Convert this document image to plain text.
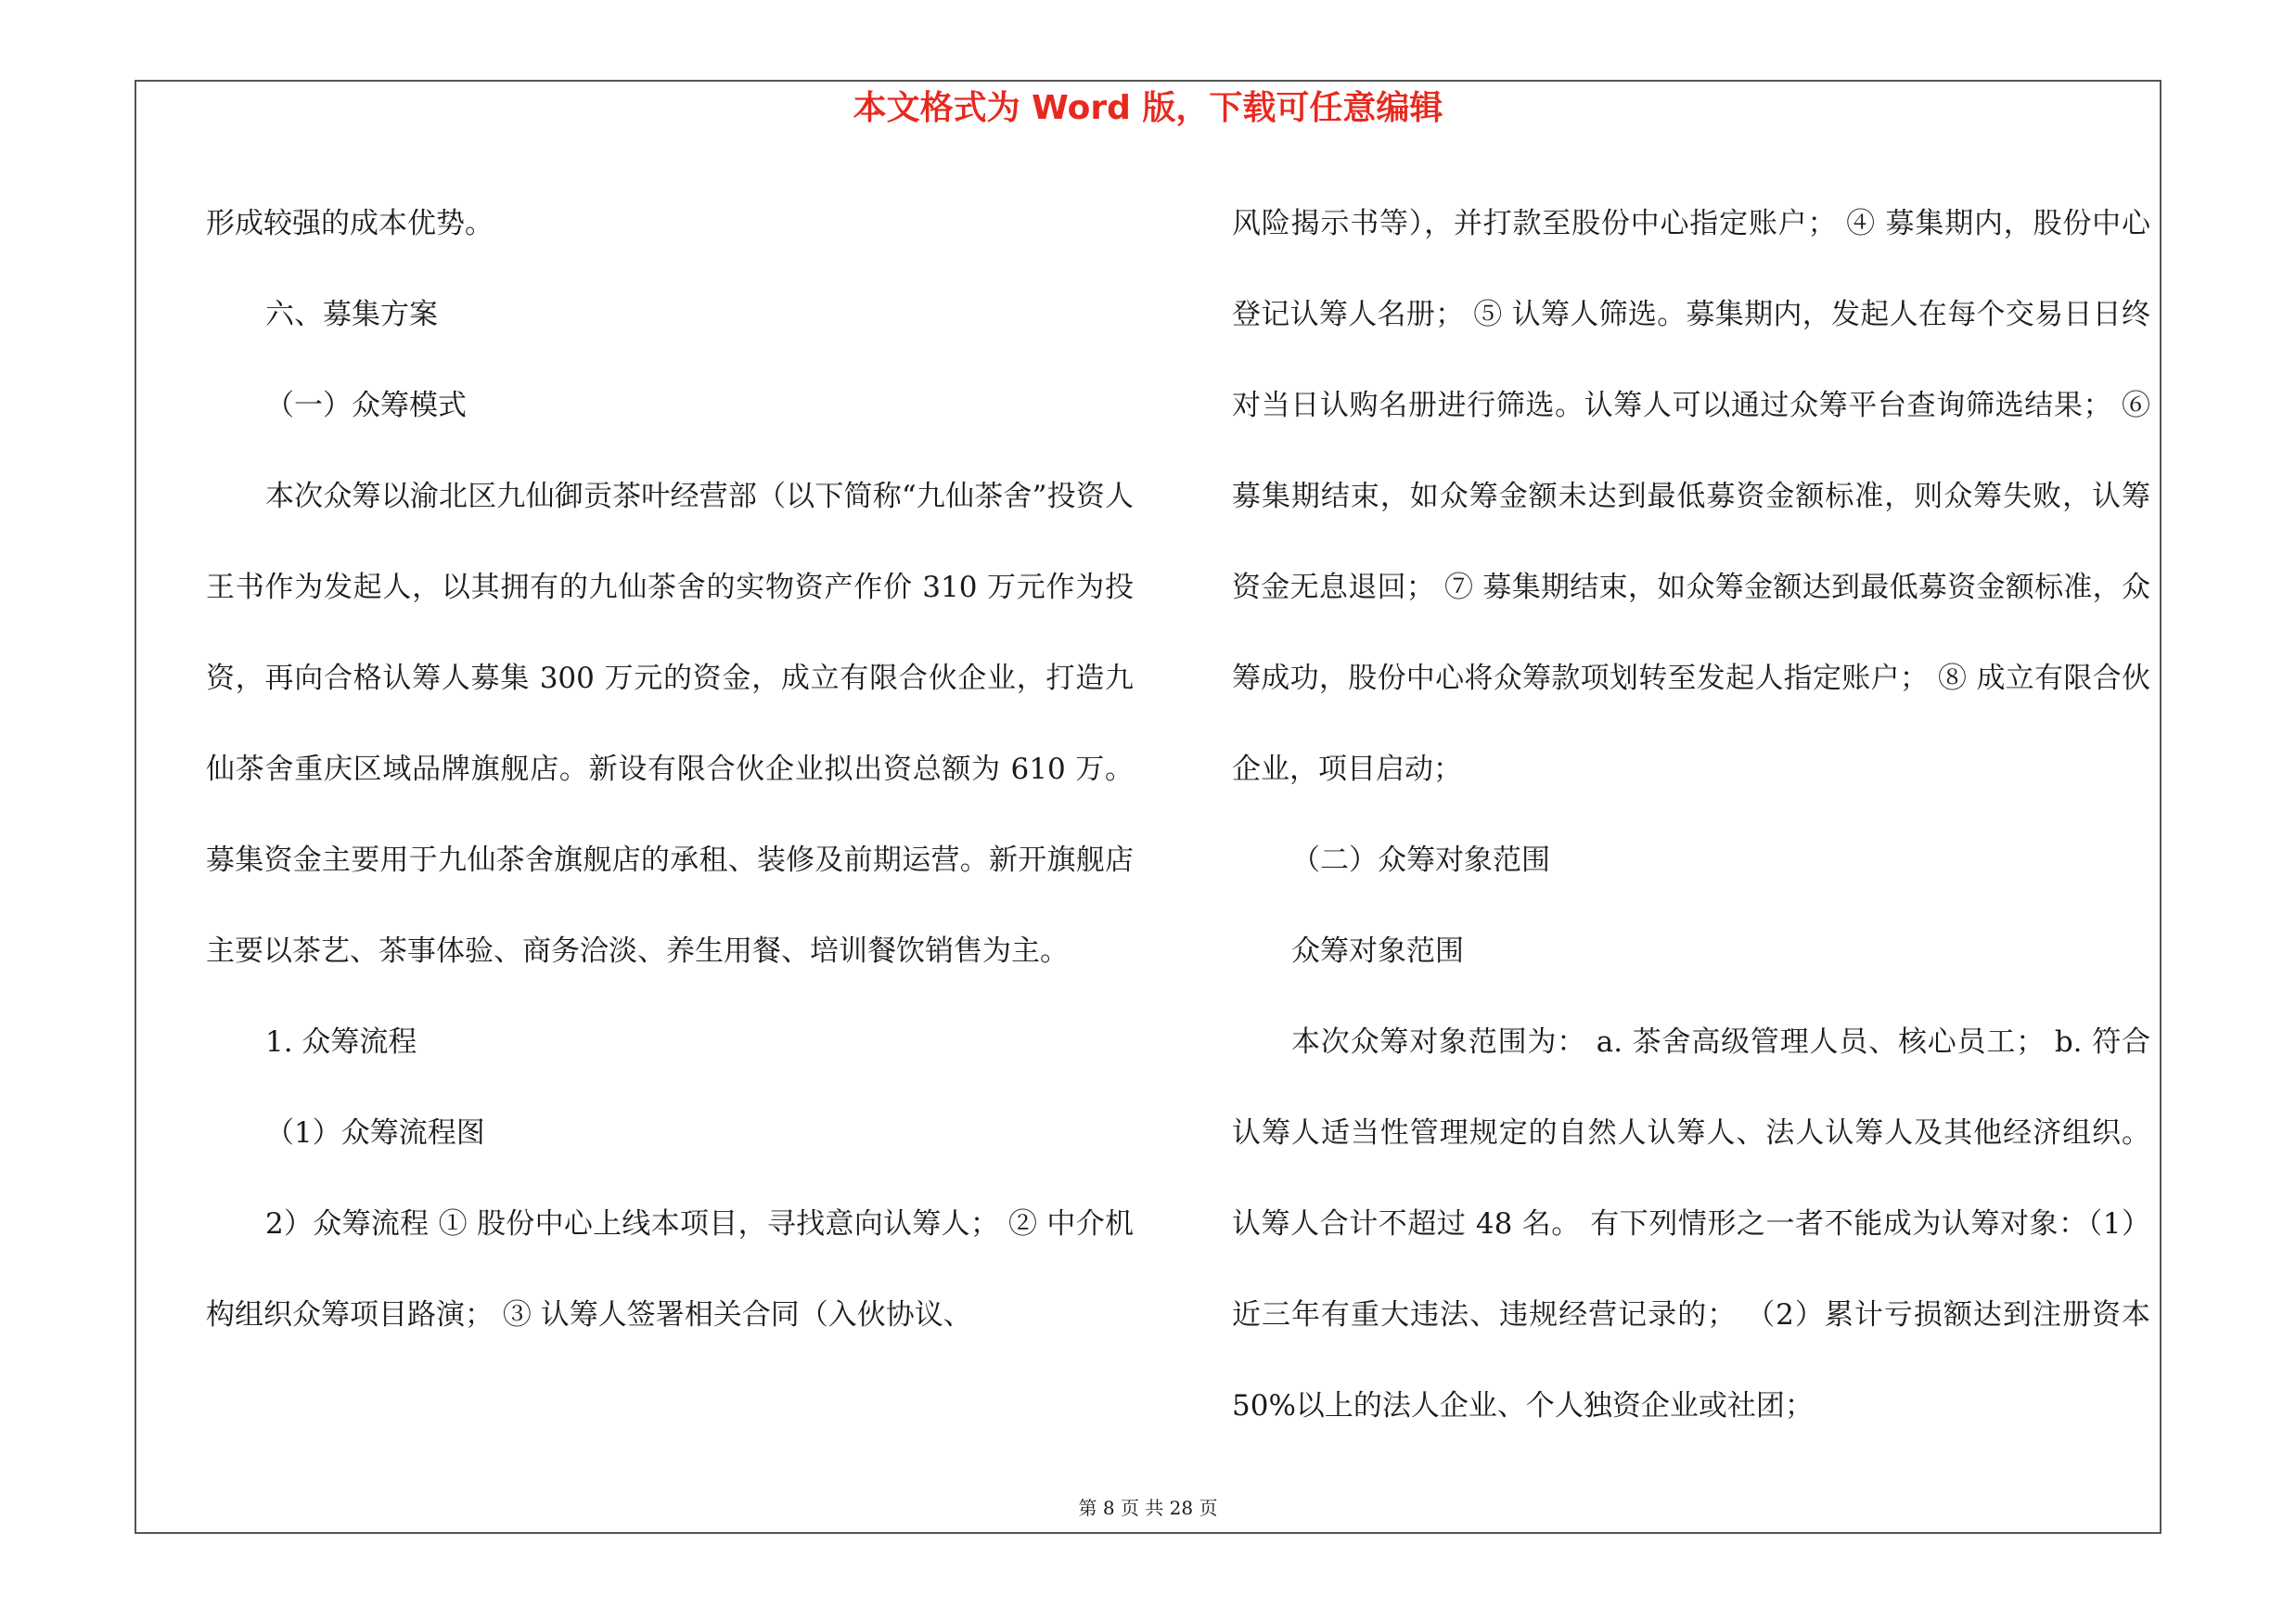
本文格式为 Word 版，下载可任意编辑

形成较强的成本优势。

六、募集方案

（一）众筹模式

本次众筹以渝北区九仙御贡茶叶经营部（以下简称“九仙茶舍”投资人王书作为发起人，以其拥有的九仙茶舍的实物资产作价 310 万元作为投资，再向合格认筹人募集 300 万元的资金，成立有限合伙企业，打造九仙茶舍重庆区域品牌旗舰店。新设有限合伙企业拟出资总额为 610 万。募集资金主要用于九仙茶舍旗舰店的承租、装修及前期运营。新开旗舰店主要以茶艺、茶事体验、商务洽淡、养生用餐、培训餐饮销售为主。

1. 众筹流程

（1）众筹流程图

2）众筹流程 ① 股份中心上线本项目，寻找意向认筹人； ② 中介机构组织众筹项目路演； ③ 认筹人签署相关合同（入伙协议、

风险揭示书等），并打款至股份中心指定账户； ④ 募集期内，股份中心登记认筹人名册； ⑤ 认筹人筛选。募集期内，发起人在每个交易日日终对当日认购名册进行筛选。认筹人可以通过众筹平台查询筛选结果； ⑥ 募集期结束，如众筹金额未达到最低募资金额标准，则众筹失败，认筹资金无息退回； ⑦ 募集期结束，如众筹金额达到最低募资金额标准，众筹成功，股份中心将众筹款项划转至发起人指定账户； ⑧ 成立有限合伙企业，项目启动；

（二）众筹对象范围

众筹对象范围

本次众筹对象范围为： a. 茶舍高级管理人员、核心员工； b. 符合认筹人适当性管理规定的自然人认筹人、法人认筹人及其他经济组织。 认筹人合计不超过 48 名。 有下列情形之一者不能成为认筹对象：（1）近三年有重大违法、违规经营记录的； （2）累计亏损额达到注册资本 50%以上的法人企业、个人独资企业或社团；

第 8 页 共 28 页
